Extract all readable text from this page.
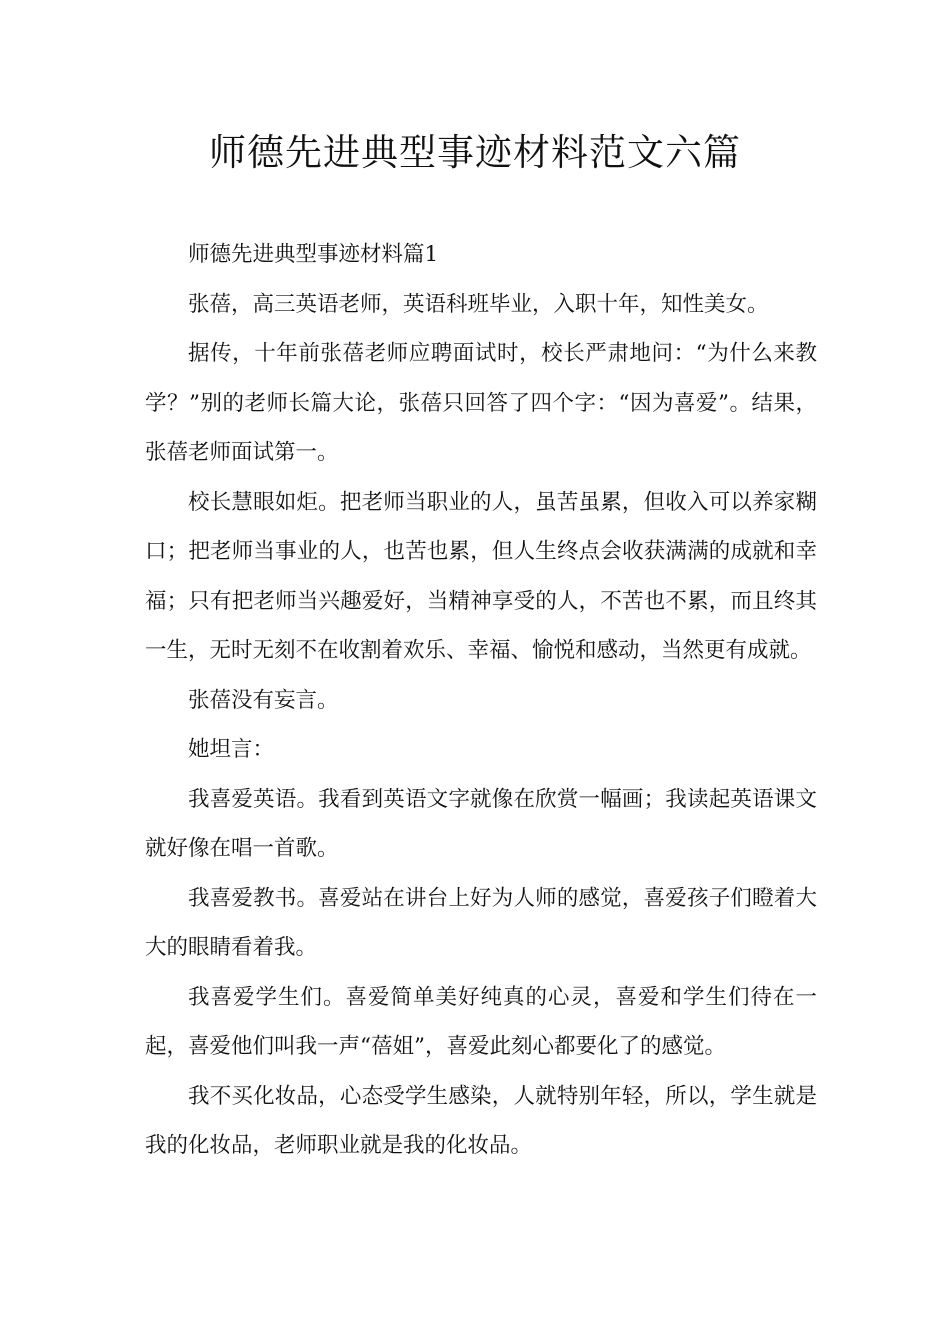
师德先进典型事迹材料范文六篇

师德先进典型事迹材料篇1

张蓓，高三英语老师，英语科班毕业，入职十年，知性美女。

据传，十年前张蓓老师应聘面试时，校长严肃地问：“为什么来教学？”别的老师长篇大论，张蓓只回答了四个字：“因为喜爱”。结果，张蓓老师面试第一。

校长慧眼如炬。把老师当职业的人，虽苦虽累，但收入可以养家糊口；把老师当事业的人，也苦也累，但人生终点会收获满满的成就和幸福；只有把老师当兴趣爱好，当精神享受的人，不苦也不累，而且终其一生，无时无刻不在收割着欢乐、幸福、愉悦和感动，当然更有成就。

张蓓没有妄言。

她坦言：

我喜爱英语。我看到英语文字就像在欣赏一幅画；我读起英语课文就好像在唱一首歌。

我喜爱教书。喜爱站在讲台上好为人师的感觉，喜爱孩子们瞪着大大的眼睛看着我。

我喜爱学生们。喜爱简单美好纯真的心灵，喜爱和学生们待在一起，喜爱他们叫我一声“蓓姐”，喜爱此刻心都要化了的感觉。

我不买化妆品，心态受学生感染，人就特别年轻，所以，学生就是我的化妆品，老师职业就是我的化妆品。
